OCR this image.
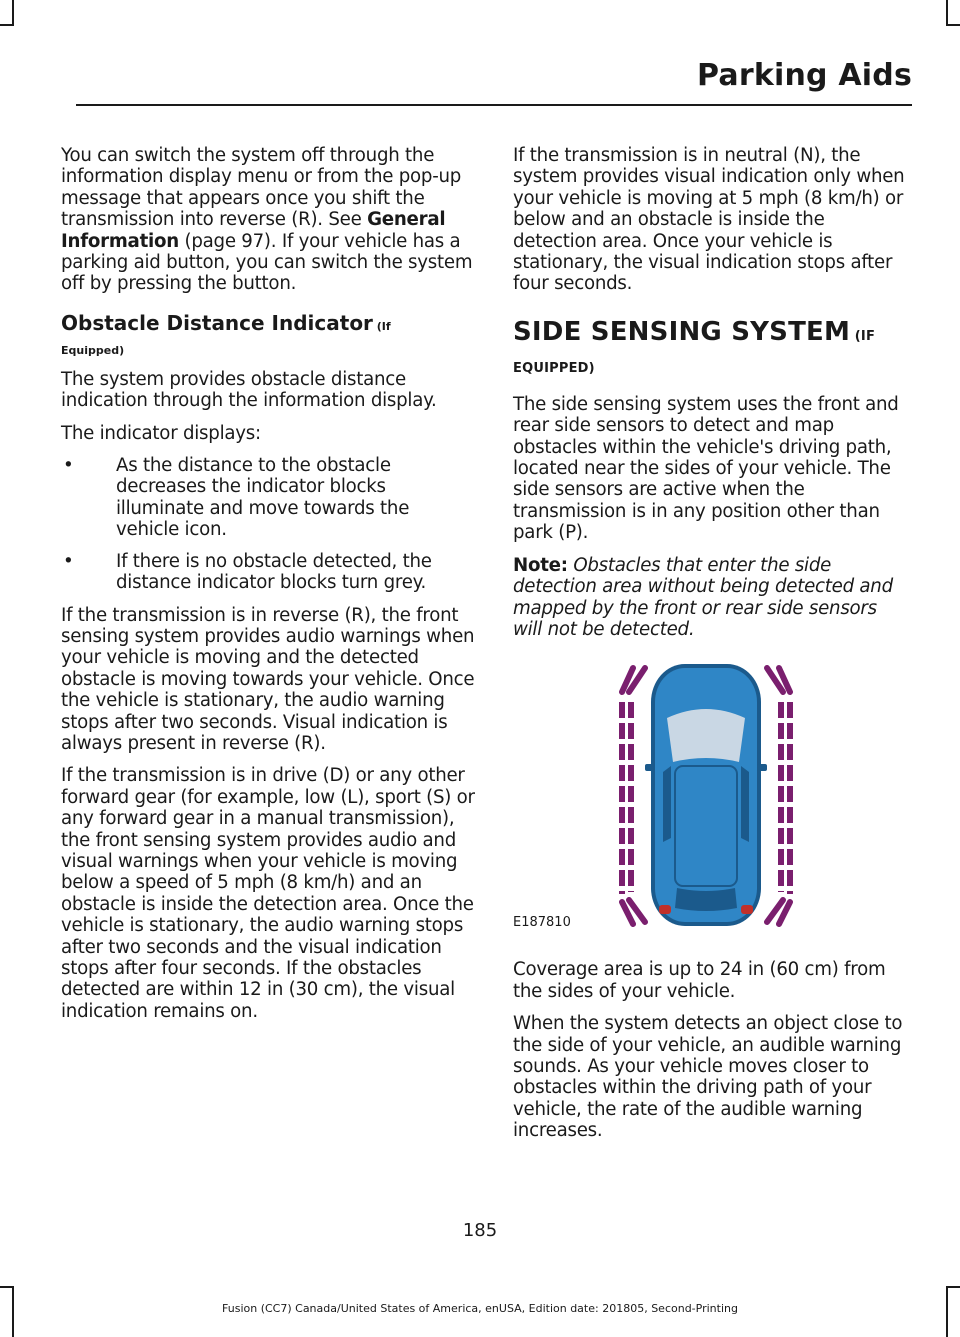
Parking Aids

You can switch the system off through the information display menu or from the pop-up message that appears once you shift the transmission into reverse (R). See General Information (page 97). If your vehicle has a parking aid button, you can switch the system off by pressing the button.

Obstacle Distance Indicator (If
Equipped)

The system provides obstacle distance indication through the information display.

The indicator displays:

• As the distance to the obstacle decreases the indicator blocks illuminate and move towards the vehicle icon.
• If there is no obstacle detected, the distance indicator blocks turn grey.

If the transmission is in reverse (R), the front sensing system provides audio warnings when your vehicle is moving and the detected obstacle is moving towards your vehicle. Once the vehicle is stationary, the audio warning stops after two seconds. Visual indication is always present in reverse (R).

If the transmission is in drive (D) or any other forward gear (for example, low (L), sport (S) or any forward gear in a manual transmission), the front sensing system provides audio and visual warnings when your vehicle is moving below a speed of 5 mph (8 km/h) and an obstacle is inside the detection area. Once the vehicle is stationary, the audio warning stops after two seconds and the visual indication stops after four seconds. If the obstacles detected are within 12 in (30 cm), the visual indication remains on.

If the transmission is in neutral (N), the system provides visual indication only when your vehicle is moving at 5 mph (8 km/h) or below and an obstacle is inside the detection area. Once your vehicle is stationary, the visual indication stops after four seconds.

SIDE SENSING SYSTEM (IF
EQUIPPED)

The side sensing system uses the front and rear side sensors to detect and map obstacles within the vehicle's driving path, located near the sides of your vehicle. The side sensors are active when the transmission is in any position other than park (P).

Note: Obstacles that enter the side detection area without being detected and mapped by the front or rear side sensors will not be detected.

E187810

Coverage area is up to 24 in (60 cm) from the sides of your vehicle.

When the system detects an object close to the side of your vehicle, an audible warning sounds. As your vehicle moves closer to obstacles within the driving path of your vehicle, the rate of the audible warning increases.

185
Fusion (CC7) Canada/United States of America, enUSA, Edition date: 201805, Second-Printing
